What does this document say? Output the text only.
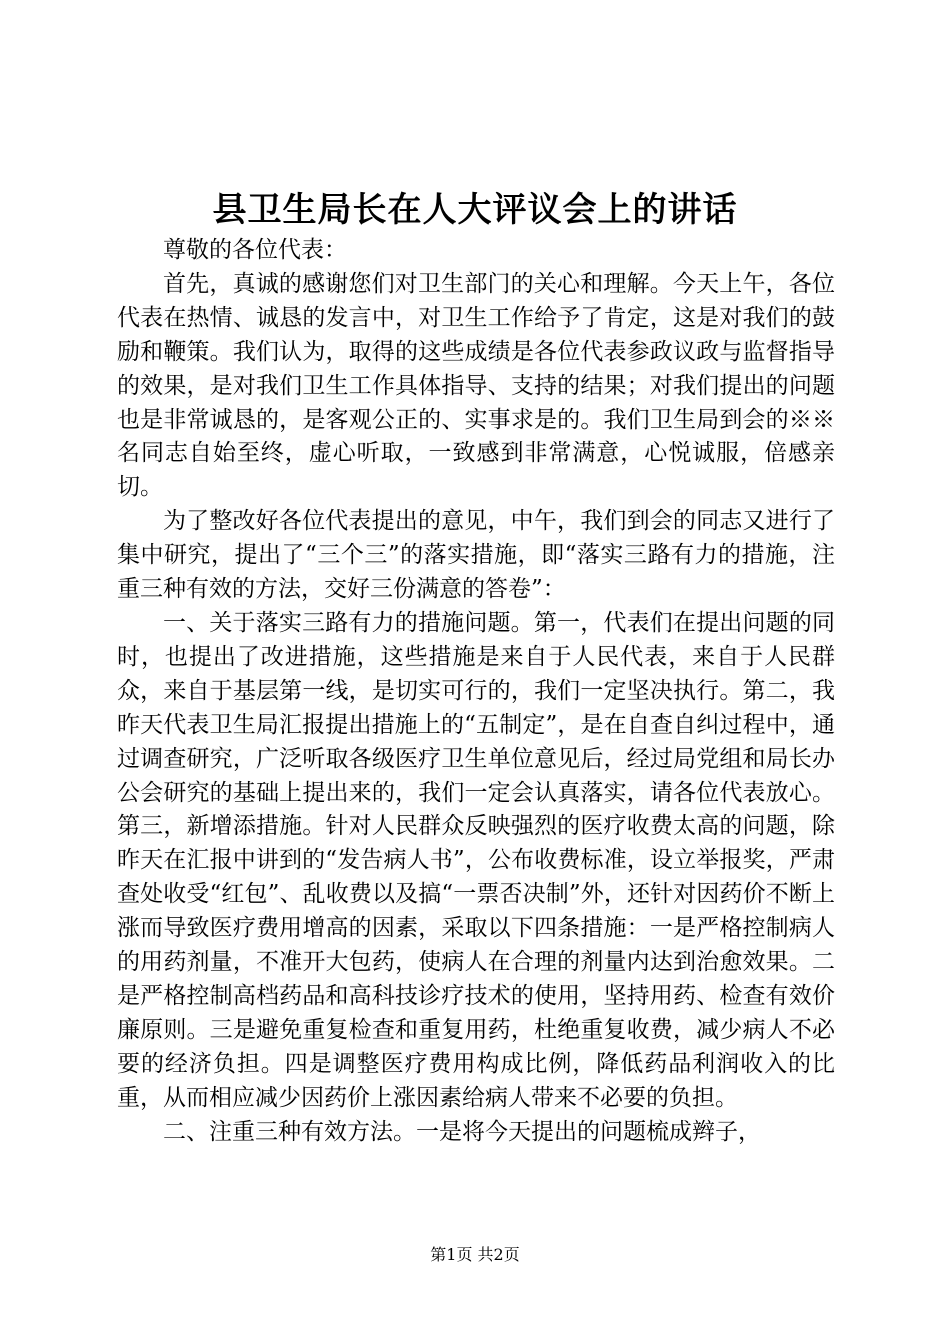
县卫生局长在人大评议会上的讲话

尊敬的各位代表：

首先，真诚的感谢您们对卫生部门的关心和理解。今天上午，各位代表在热情、诚恳的发言中，对卫生工作给予了肯定，这是对我们的鼓励和鞭策。我们认为，取得的这些成绩是各位代表参政议政与监督指导的效果，是对我们卫生工作具体指导、支持的结果；对我们提出的问题也是非常诚恳的，是客观公正的、实事求是的。我们卫生局到会的※※名同志自始至终，虚心听取，一致感到非常满意，心悦诚服，倍感亲切。

为了整改好各位代表提出的意见，中午，我们到会的同志又进行了集中研究，提出了“三个三”的落实措施，即“落实三路有力的措施，注重三种有效的方法，交好三份满意的答卷”：

一、关于落实三路有力的措施问题。第一，代表们在提出问题的同时，也提出了改进措施，这些措施是来自于人民代表，来自于人民群众，来自于基层第一线，是切实可行的，我们一定坚决执行。第二，我昨天代表卫生局汇报提出措施上的“五制定”，是在自查自纠过程中，通过调查研究，广泛听取各级医疗卫生单位意见后，经过局党组和局长办公会研究的基础上提出来的，我们一定会认真落实，请各位代表放心。第三，新增添措施。针对人民群众反映强烈的医疗收费太高的问题，除昨天在汇报中讲到的“发告病人书”，公布收费标准，设立举报奖，严肃查处收受“红包”、乱收费以及搞“一票否决制”外，还针对因药价不断上涨而导致医疗费用增高的因素，采取以下四条措施：一是严格控制病人的用药剂量，不准开大包药，使病人在合理的剂量内达到治愈效果。二是严格控制高档药品和高科技诊疗技术的使用，坚持用药、检查有效价廉原则。三是避免重复检查和重复用药，杜绝重复收费，减少病人不必要的经济负担。四是调整医疗费用构成比例，降低药品利润收入的比重，从而相应减少因药价上涨因素给病人带来不必要的负担。

二、注重三种有效方法。一是将今天提出的问题梳成辫子，

第1页 共2页
